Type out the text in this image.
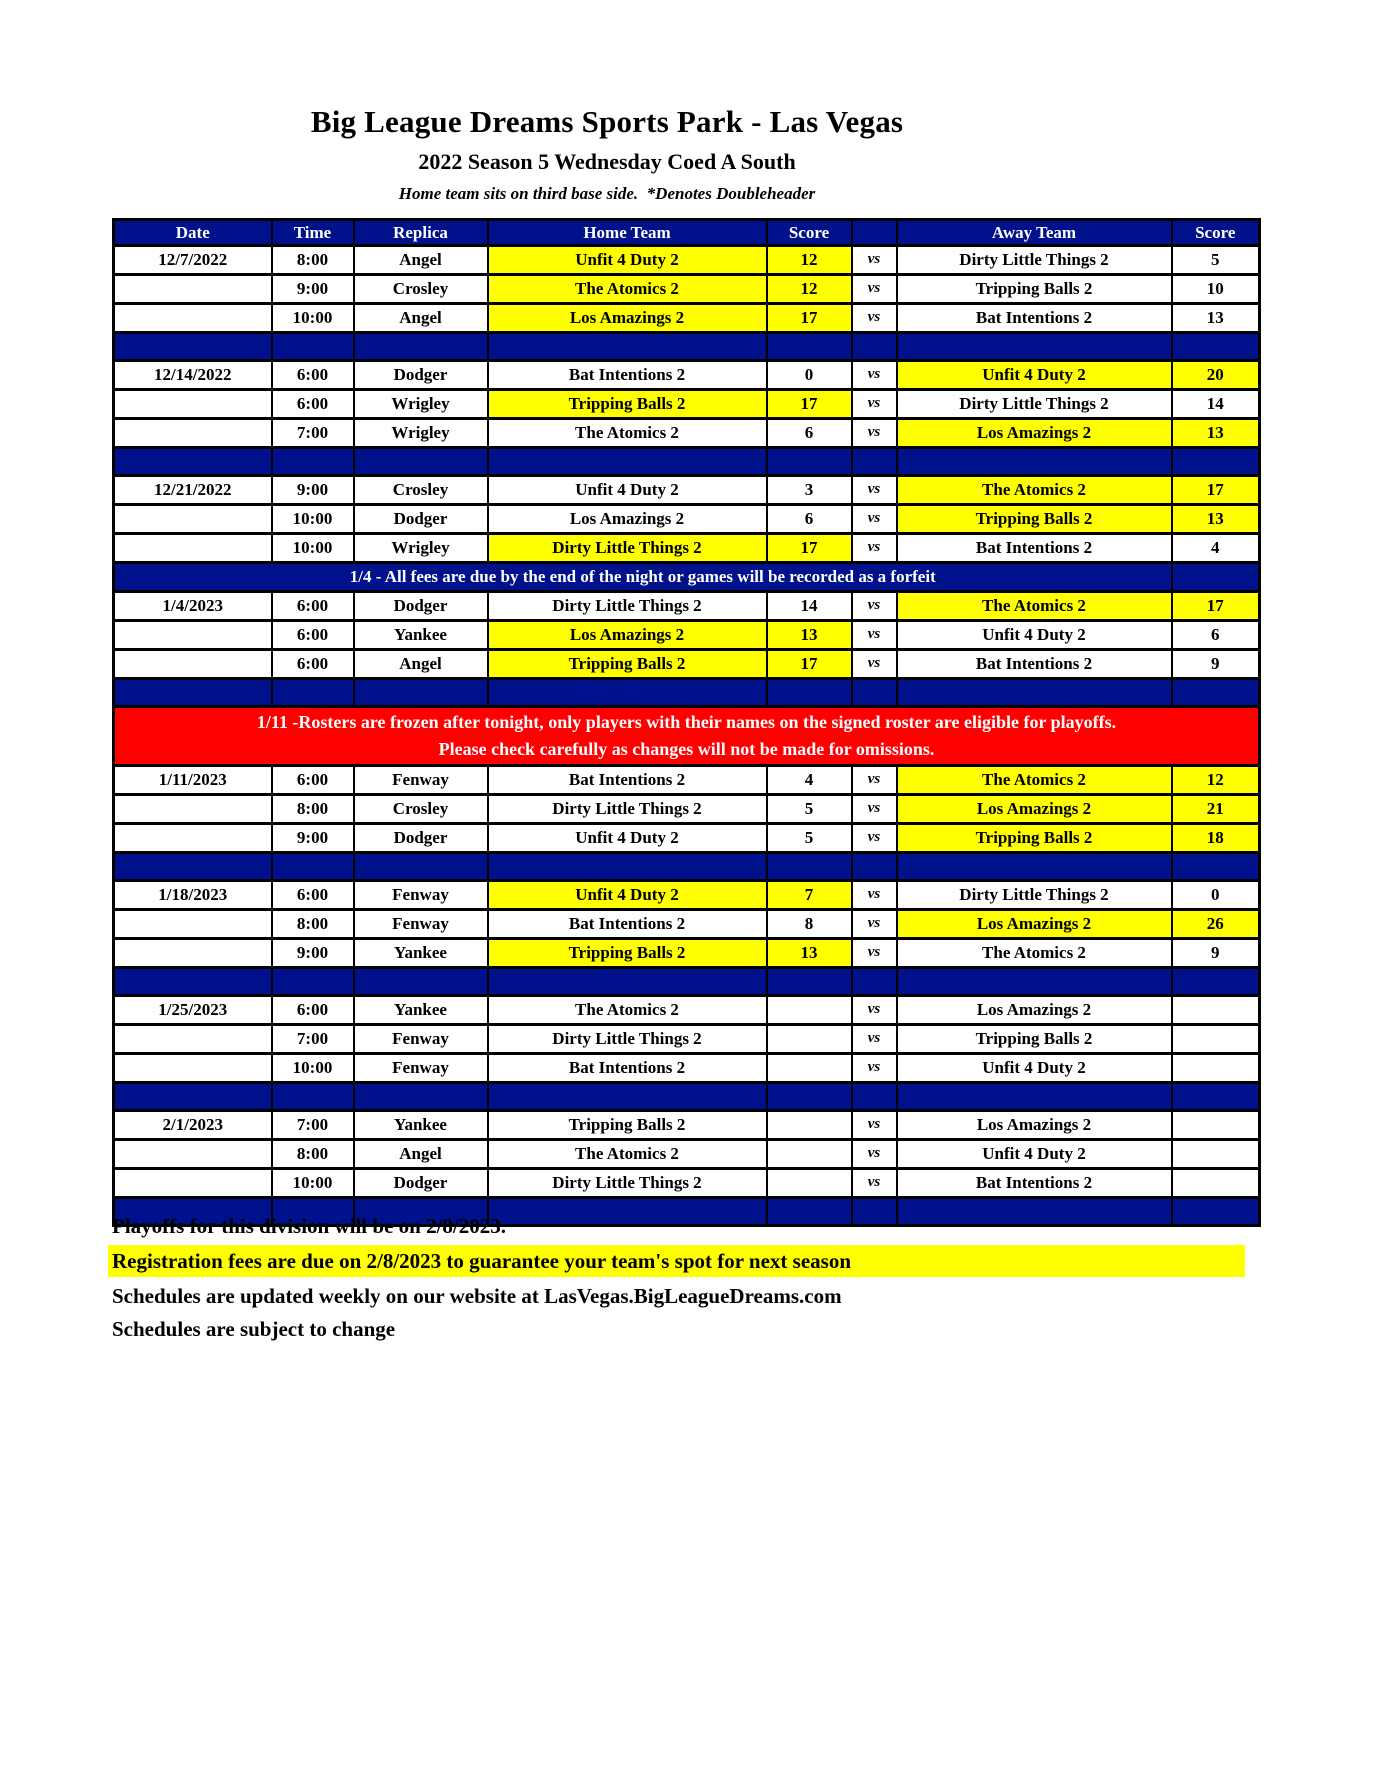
Big League Dreams Sports Park - Las Vegas
2022 Season 5 Wednesday Coed A South
Home team sits on third base side.  *Denotes Doubleheader
Date	Time	Replica	Home Team	Score		Away Team	Score
12/7/2022	8:00	Angel	Unfit 4 Duty 2	12	vs	Dirty Little Things 2	5
	9:00	Crosley	The Atomics 2	12	vs	Tripping Balls 2	10
	10:00	Angel	Los Amazings 2	17	vs	Bat Intentions 2	13

12/14/2022	6:00	Dodger	Bat Intentions 2	0	vs	Unfit 4 Duty 2	20
	6:00	Wrigley	Tripping Balls 2	17	vs	Dirty Little Things 2	14
	7:00	Wrigley	The Atomics 2	6	vs	Los Amazings 2	13

12/21/2022	9:00	Crosley	Unfit 4 Duty 2	3	vs	The Atomics 2	17
	10:00	Dodger	Los Amazings 2	6	vs	Tripping Balls 2	13
	10:00	Wrigley	Dirty Little Things 2	17	vs	Bat Intentions 2	4
1/4 - All fees are due by the end of the night or games will be recorded as a forfeit							
1/4/2023	6:00	Dodger	Dirty Little Things 2	14	vs	The Atomics 2	17
	6:00	Yankee	Los Amazings 2	13	vs	Unfit 4 Duty 2	6
	6:00	Angel	Tripping Balls 2	17	vs	Bat Intentions 2	9

1/11 -Rosters are frozen after tonight, only players with their names on the signed roster are eligible for playoffs.
Please check carefully as changes will not be made for omissions.							

1/11/2023	6:00	Fenway	Bat Intentions 2	4	vs	The Atomics 2	12
	8:00	Crosley	Dirty Little Things 2	5	vs	Los Amazings 2	21
	9:00	Dodger	Unfit 4 Duty 2	5	vs	Tripping Balls 2	18

1/18/2023	6:00	Fenway	Unfit 4 Duty 2	7	vs	Dirty Little Things 2	0
	8:00	Fenway	Bat Intentions 2	8	vs	Los Amazings 2	26
	9:00	Yankee	Tripping Balls 2	13	vs	The Atomics 2	9

1/25/2023	6:00	Yankee	The Atomics 2		vs	Los Amazings 2	
	7:00	Fenway	Dirty Little Things 2		vs	Tripping Balls 2	
	10:00	Fenway	Bat Intentions 2		vs	Unfit 4 Duty 2	

2/1/2023	7:00	Yankee	Tripping Balls 2		vs	Los Amazings 2	
	8:00	Angel	The Atomics 2		vs	Unfit 4 Duty 2	
	10:00	Dodger	Dirty Little Things 2		vs	Bat Intentions 2	

Playoffs for this division will be on 2/8/2023.
Registration fees are due on 2/8/2023 to guarantee your team's spot for next season
Schedules are updated weekly on our website at LasVegas.BigLeagueDreams.com
Schedules are subject to change
